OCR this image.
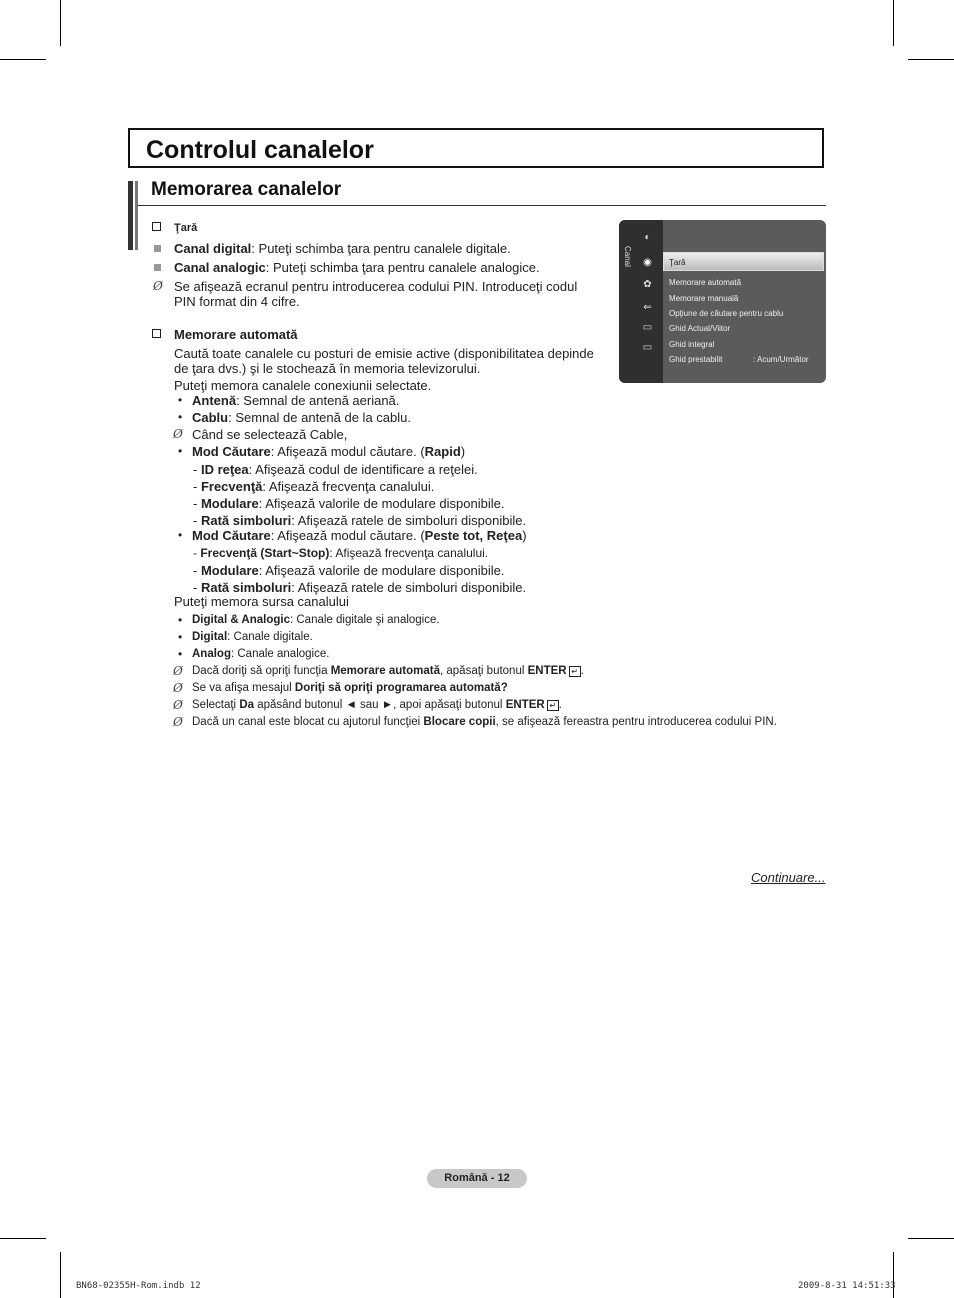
Controlul canalelor
Memorarea canalelor
Ţară
Canal digital: Puteţi schimba ţara pentru canalele digitale.
Canal analogic: Puteţi schimba ţara pentru canalele analogice.
Ø Se afişează ecranul pentru introducerea codului PIN. Introduceţi codul
PIN format din 4 cifre.
Memorare automată
Caută toate canalele cu posturi de emisie active (disponibilitatea depinde
de ţara dvs.) şi le stochează în memoria televizorului.
Puteţi memora canalele conexiunii selectate.
• Antenă: Semnal de antenă aeriană.
• Cablu: Semnal de antenă de la cablu.
Ø Când se selectează Cable,
• Mod Căutare: Afişează modul căutare. (Rapid)
- ID reţea: Afişează codul de identificare a reţelei.
- Frecvenţă: Afişează frecvenţa canalului.
- Modulare: Afişează valorile de modulare disponibile.
- Rată simboluri: Afişează ratele de simboluri disponibile.
• Mod Căutare: Afişează modul căutare. (Peste tot, Reţea)
- Frecvenţă (Start~Stop): Afişează frecvenţa canalului.
- Modulare: Afişează valorile de modulare disponibile.
- Rată simboluri: Afişează ratele de simboluri disponibile.
Puteţi memora sursa canalului
• Digital & Analogic: Canale digitale şi analogice.
• Digital: Canale digitale.
• Analog: Canale analogice.
Ø Dacă doriţi să opriţi funcţia Memorare automată, apăsaţi butonul ENTER ↵ .
Ø Se va afişa mesajul Doriţi să opriţi programarea automată?
Ø Selectaţi Da apăsând butonul ◄ sau ►, apoi apăsaţi butonul ENTER ↵ .
Ø Dacă un canal este blocat cu ajutorul funcţiei Blocare copii, se afişează fereastra pentru introducerea codului PIN.
Canal
◐
◉
✿
⇐
▭
▭
Ţară
Memorare automată
Memorare manuală
Opţiune de căutare pentru cablu
Ghid Actual/Viitor
Ghid integral
Ghid prestabilit	: Acum/Următor
Continuare...
Română - 12
BN68-02355H-Rom.indb 12	2009-8-31 14:51:33
